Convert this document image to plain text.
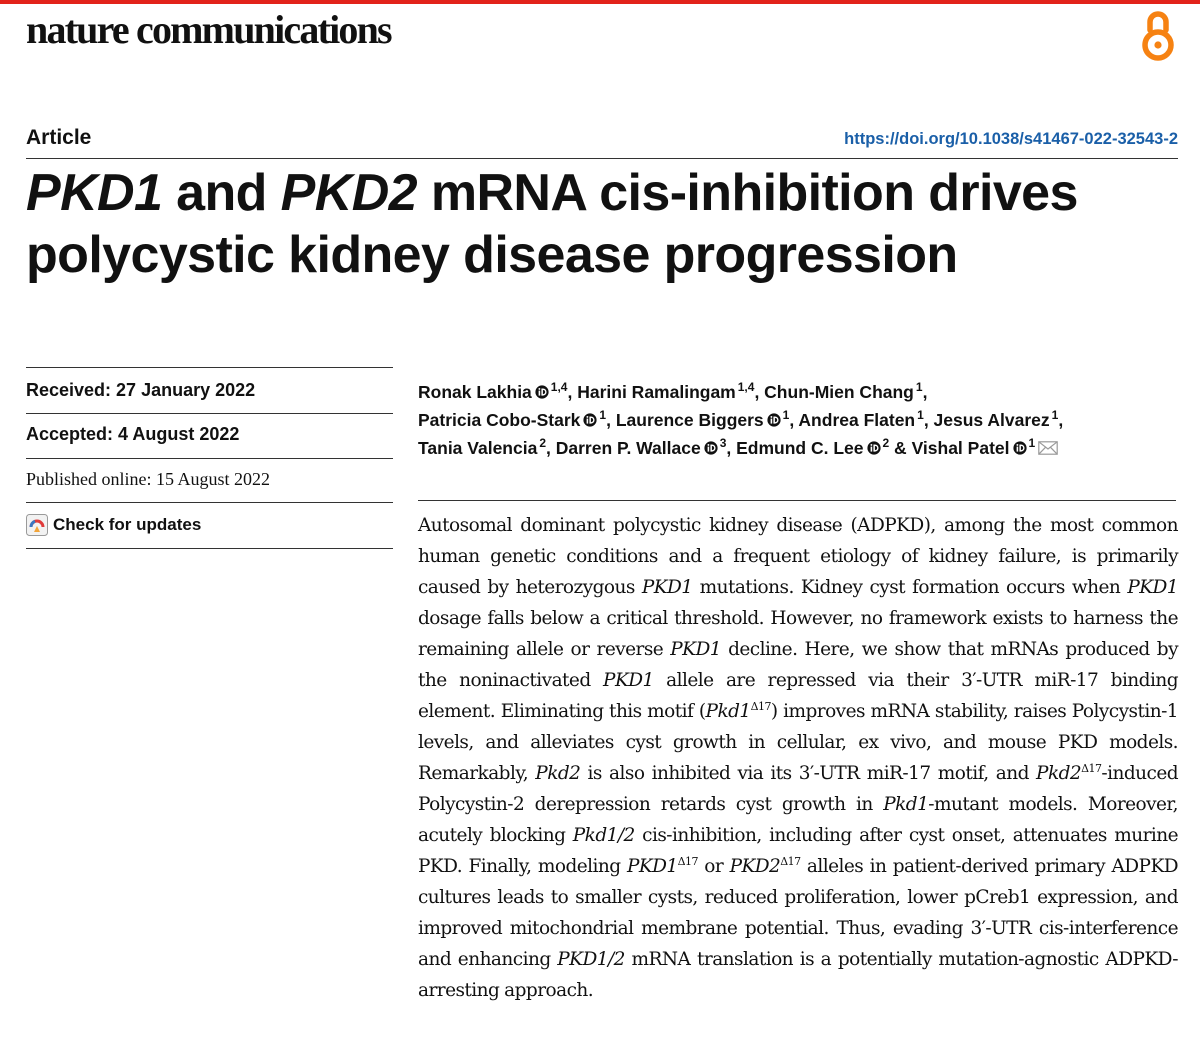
nature communications
Article	https://doi.org/10.1038/s41467-022-32543-2
PKD1 and PKD2 mRNA cis-inhibition drives
polycystic kidney disease progression
Received: 27 January 2022
Accepted: 4 August 2022
Published online: 15 August 2022
Check for updates
Ronak Lakhia $^{1,4}$, Harini Ramalingam $^{1,4}$, Chun-Mien Chang $^1$,
Patricia Cobo-Stark $^1$, Laurence Biggers $^1$, Andrea Flaten $^1$, Jesus Alvarez $^1$,
Tania Valencia $^2$, Darren P. Wallace $^3$, Edmund C. Lee $^2$ & Vishal Patel $^1$

Autosomal dominant polycystic kidney disease (ADPKD), among the most common human genetic conditions and a frequent etiology of kidney failure, is primarily caused by heterozygous PKD1 mutations. Kidney cyst formation occurs when PKD1 dosage falls below a critical threshold. However, no framework exists to harness the remaining allele or reverse PKD1 decline. Here, we show that mRNAs produced by the noninactivated PKD1 allele are repressed via their 3′-UTR miR-17 binding element. Eliminating this motif $(Pkd1^{\Delta 17})$ improves mRNA stability, raises Polycystin-1 levels, and alleviates cyst growth in cellular, ex vivo, and mouse PKD models. Remarkably, Pkd2 is also inhibited via its 3′-UTR miR-17 motif, and $Pkd2^{\Delta 17}$-induced Polycystin-2 derepression retards cyst growth in Pkd1-mutant models. Moreover, acutely blocking Pkd1/2 cis-inhibition, including after cyst onset, attenuates murine PKD. Finally, modeling $PKD1^{\Delta 17}$ or $PKD2^{\Delta 17}$ alleles in patient-derived primary ADPKD cultures leads to smaller cysts, reduced proliferation, lower pCreb1 expression, and improved mitochondrial membrane potential. Thus, evading 3′-UTR cis-interference and enhancing PKD1/2 mRNA translation is a potentially mutation-agnostic ADPKD-arresting approach.
